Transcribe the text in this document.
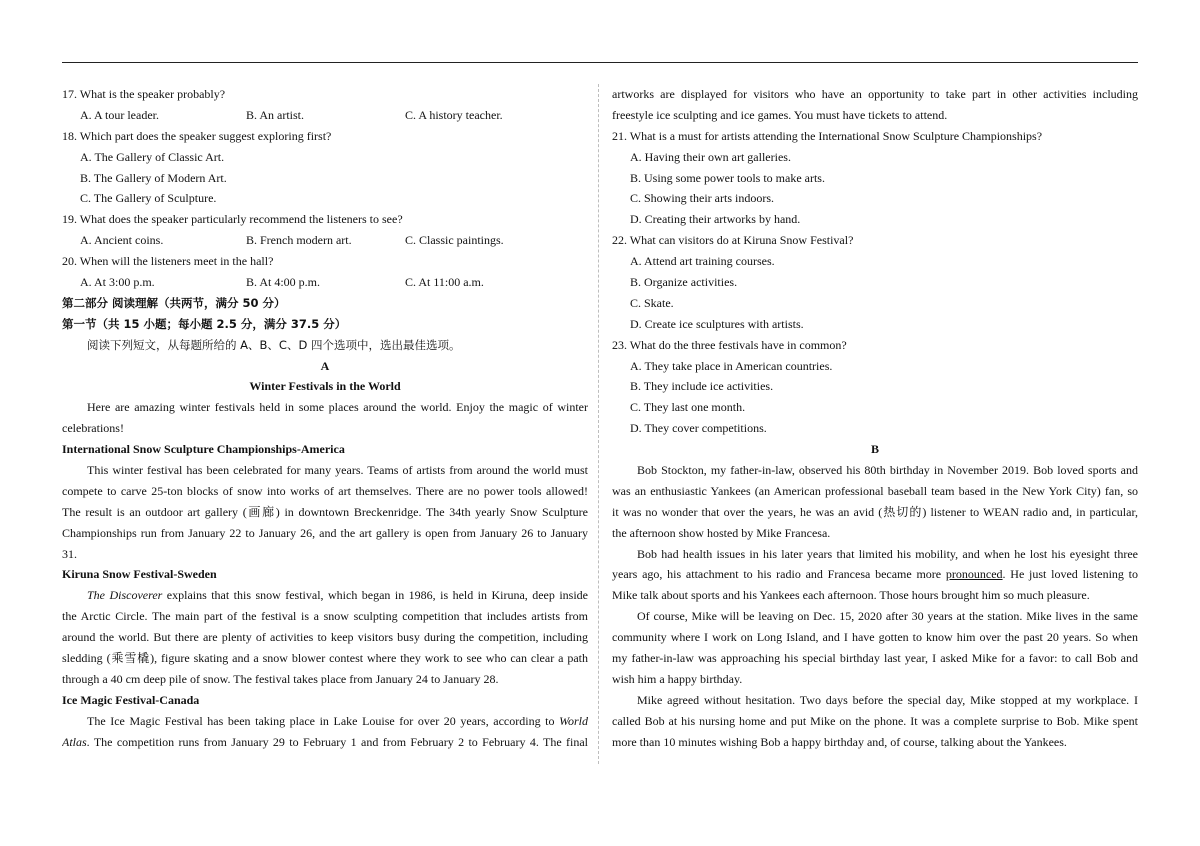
17. What is the speaker probably?
A. A tour leader.	B. An artist.	C. A history teacher.
18. Which part does the speaker suggest exploring first?
A. The Gallery of Classic Art.
B. The Gallery of Modern Art.
C. The Gallery of Sculpture.
19. What does the speaker particularly recommend the listeners to see?
A. Ancient coins.	B. French modern art.	C. Classic paintings.
20. When will the listeners meet in the hall?
A. At 3:00 p.m.	B. At 4:00 p.m.	C. At 11:00 a.m.
第二部分 阅读理解（共两节，满分 50 分）
第一节（共 15 小题；每小题 2.5 分，满分 37.5 分）
阅读下列短文，从每题所给的 A、B、C、D 四个选项中，选出最佳选项。
A
Winter Festivals in the World
Here are amazing winter festivals held in some places around the world. Enjoy the magic of winter
celebrations!
International Snow Sculpture Championships-America
This winter festival has been celebrated for many years. Teams of artists from around the world must
compete to carve 25-ton blocks of snow into works of art themselves. There are no power tools allowed!
The result is an outdoor art gallery (画廊) in downtown Breckenridge. The 34th yearly Snow Sculpture
Championships run from January 22 to January 26, and the art gallery is open from January 26 to January
31.
Kiruna Snow Festival-Sweden
The Discoverer explains that this snow festival, which began in 1986, is held in Kiruna, deep inside
the Arctic Circle. The main part of the festival is a snow sculpting competition that includes artists from
around the world. But there are plenty of activities to keep visitors busy during the competition, including
sledding (乘雪橇), figure skating and a snow blower contest where they work to see who can clear a path
through a 40 cm deep pile of snow. The festival takes place from January 24 to January 28.
Ice Magic Festival-Canada
The Ice Magic Festival has been taking place in Lake Louise for over 20 years, according to World
Atlas. The competition runs from January 29 to February 1 and from February 2 to February 4. The final
artworks are displayed for visitors who have an opportunity to take part in other activities including
freestyle ice sculpting and ice games. You must have tickets to attend.
21. What is a must for artists attending the International Snow Sculpture Championships?
A. Having their own art galleries.
B. Using some power tools to make arts.
C. Showing their arts indoors.
D. Creating their artworks by hand.
22. What can visitors do at Kiruna Snow Festival?
A. Attend art training courses.
B. Organize activities.
C. Skate.
D. Create ice sculptures with artists.
23. What do the three festivals have in common?
A. They take place in American countries.
B. They include ice activities.
C. They last one month.
D. They cover competitions.
B
Bob Stockton, my father-in-law, observed his 80th birthday in November 2019. Bob loved sports and
was an enthusiastic Yankees (an American professional baseball team based in the New York City) fan, so
it was no wonder that over the years, he was an avid (热切的) listener to WEAN radio and, in particular,
the afternoon show hosted by Mike Francesa.
Bob had health issues in his later years that limited his mobility, and when he lost his eyesight three
years ago, his attachment to his radio and Francesa became more pronounced. He just loved listening to
Mike talk about sports and his Yankees each afternoon. Those hours brought him so much pleasure.
Of course, Mike will be leaving on Dec. 15, 2020 after 30 years at the station. Mike lives in the same
community where I work on Long Island, and I have gotten to know him over the past 20 years. So when
my father-in-law was approaching his special birthday last year, I asked Mike for a favor: to call Bob and
wish him a happy birthday.
Mike agreed without hesitation. Two days before the special day, Mike stopped at my workplace. I
called Bob at his nursing home and put Mike on the phone. It was a complete surprise to Bob. Mike spent
more than 10 minutes wishing Bob a happy birthday and, of course, talking about the Yankees.
